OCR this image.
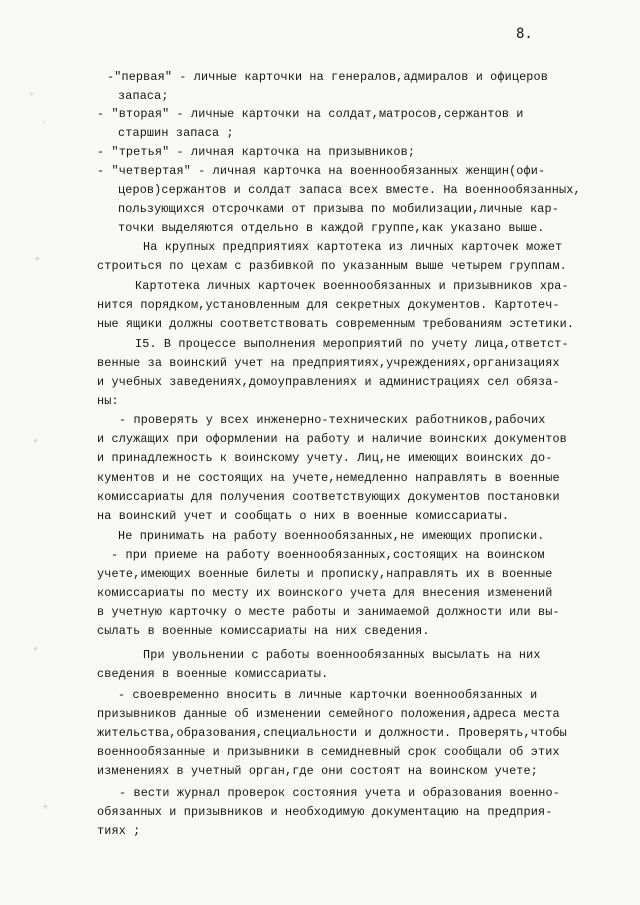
8.
°
'
*
*
*
*
-"первая" - личные карточки на генералов,адмиралов и офицеров
запаса;
- "вторая" - личные карточки на солдат,матросов,сержантов и
старшин запаса ;
- "третья" - личная карточка на призывников;
- "четвертая" - личная карточка на военнообязанных женщин(офи-
церов)сержантов и солдат запаса всех вместе. На военнообязанных,
пользующихся отсрочками от призыва по мобилизации,личные кар-
точки выделяются отдельно в каждой группе,как указано выше.
На крупных предприятиях картотека из личных карточек может
строиться по цехам с разбивкой по указанным выше четырем группам.
Картотека личных карточек военнообязанных и призывников хра-
нится порядком,установленным для секретных документов. Картотеч-
ные ящики должны соответствовать современным требованиям эстетики.
I5. В процессе выполнения мероприятий по учету лица,ответст-
венные за воинский учет на предприятиях,учреждениях,организациях
и учебных заведениях,домоуправлениях и администрациях сел обяза-
ны:
- проверять у всех инженерно-технических работников,рабочих
и служащих при оформлении на работу и наличие воинских документов
и принадлежность к воинскому учету. Лиц,не имеющих воинских до-
кументов и не состоящих на учете,немедленно направлять в военные
комиссариаты для получения соответствующих документов постановки
на воинский учет и сообщать о них в военные комиссариаты.
Не принимать на работу военнообязанных,не имеющих прописки.
- при приеме на работу военнообязанных,состоящих на воинском
учете,имеющих военные билеты и прописку,направлять их в военные
комиссариаты по месту их воинского учета для внесения изменений
в учетную карточку о месте работы и занимаемой должности или вы-
сылать в военные комиссариаты на них сведения.
При увольнении с работы военнообязанных высылать на них
сведения в военные комиссариаты.
- своевременно вносить в личные карточки военнообязанных и
призывников данные об изменении семейного положения,адреса места
жительства,образования,специальности и должности. Проверять,чтобы
военнообязанные и призывники в семидневный срок сообщали об этих
изменениях в учетный орган,где они состоят на воинском учете;
- вести журнал проверок состояния учета и образования военно-
обязанных и призывников и необходимую документацию на предприя-
тиях ;
